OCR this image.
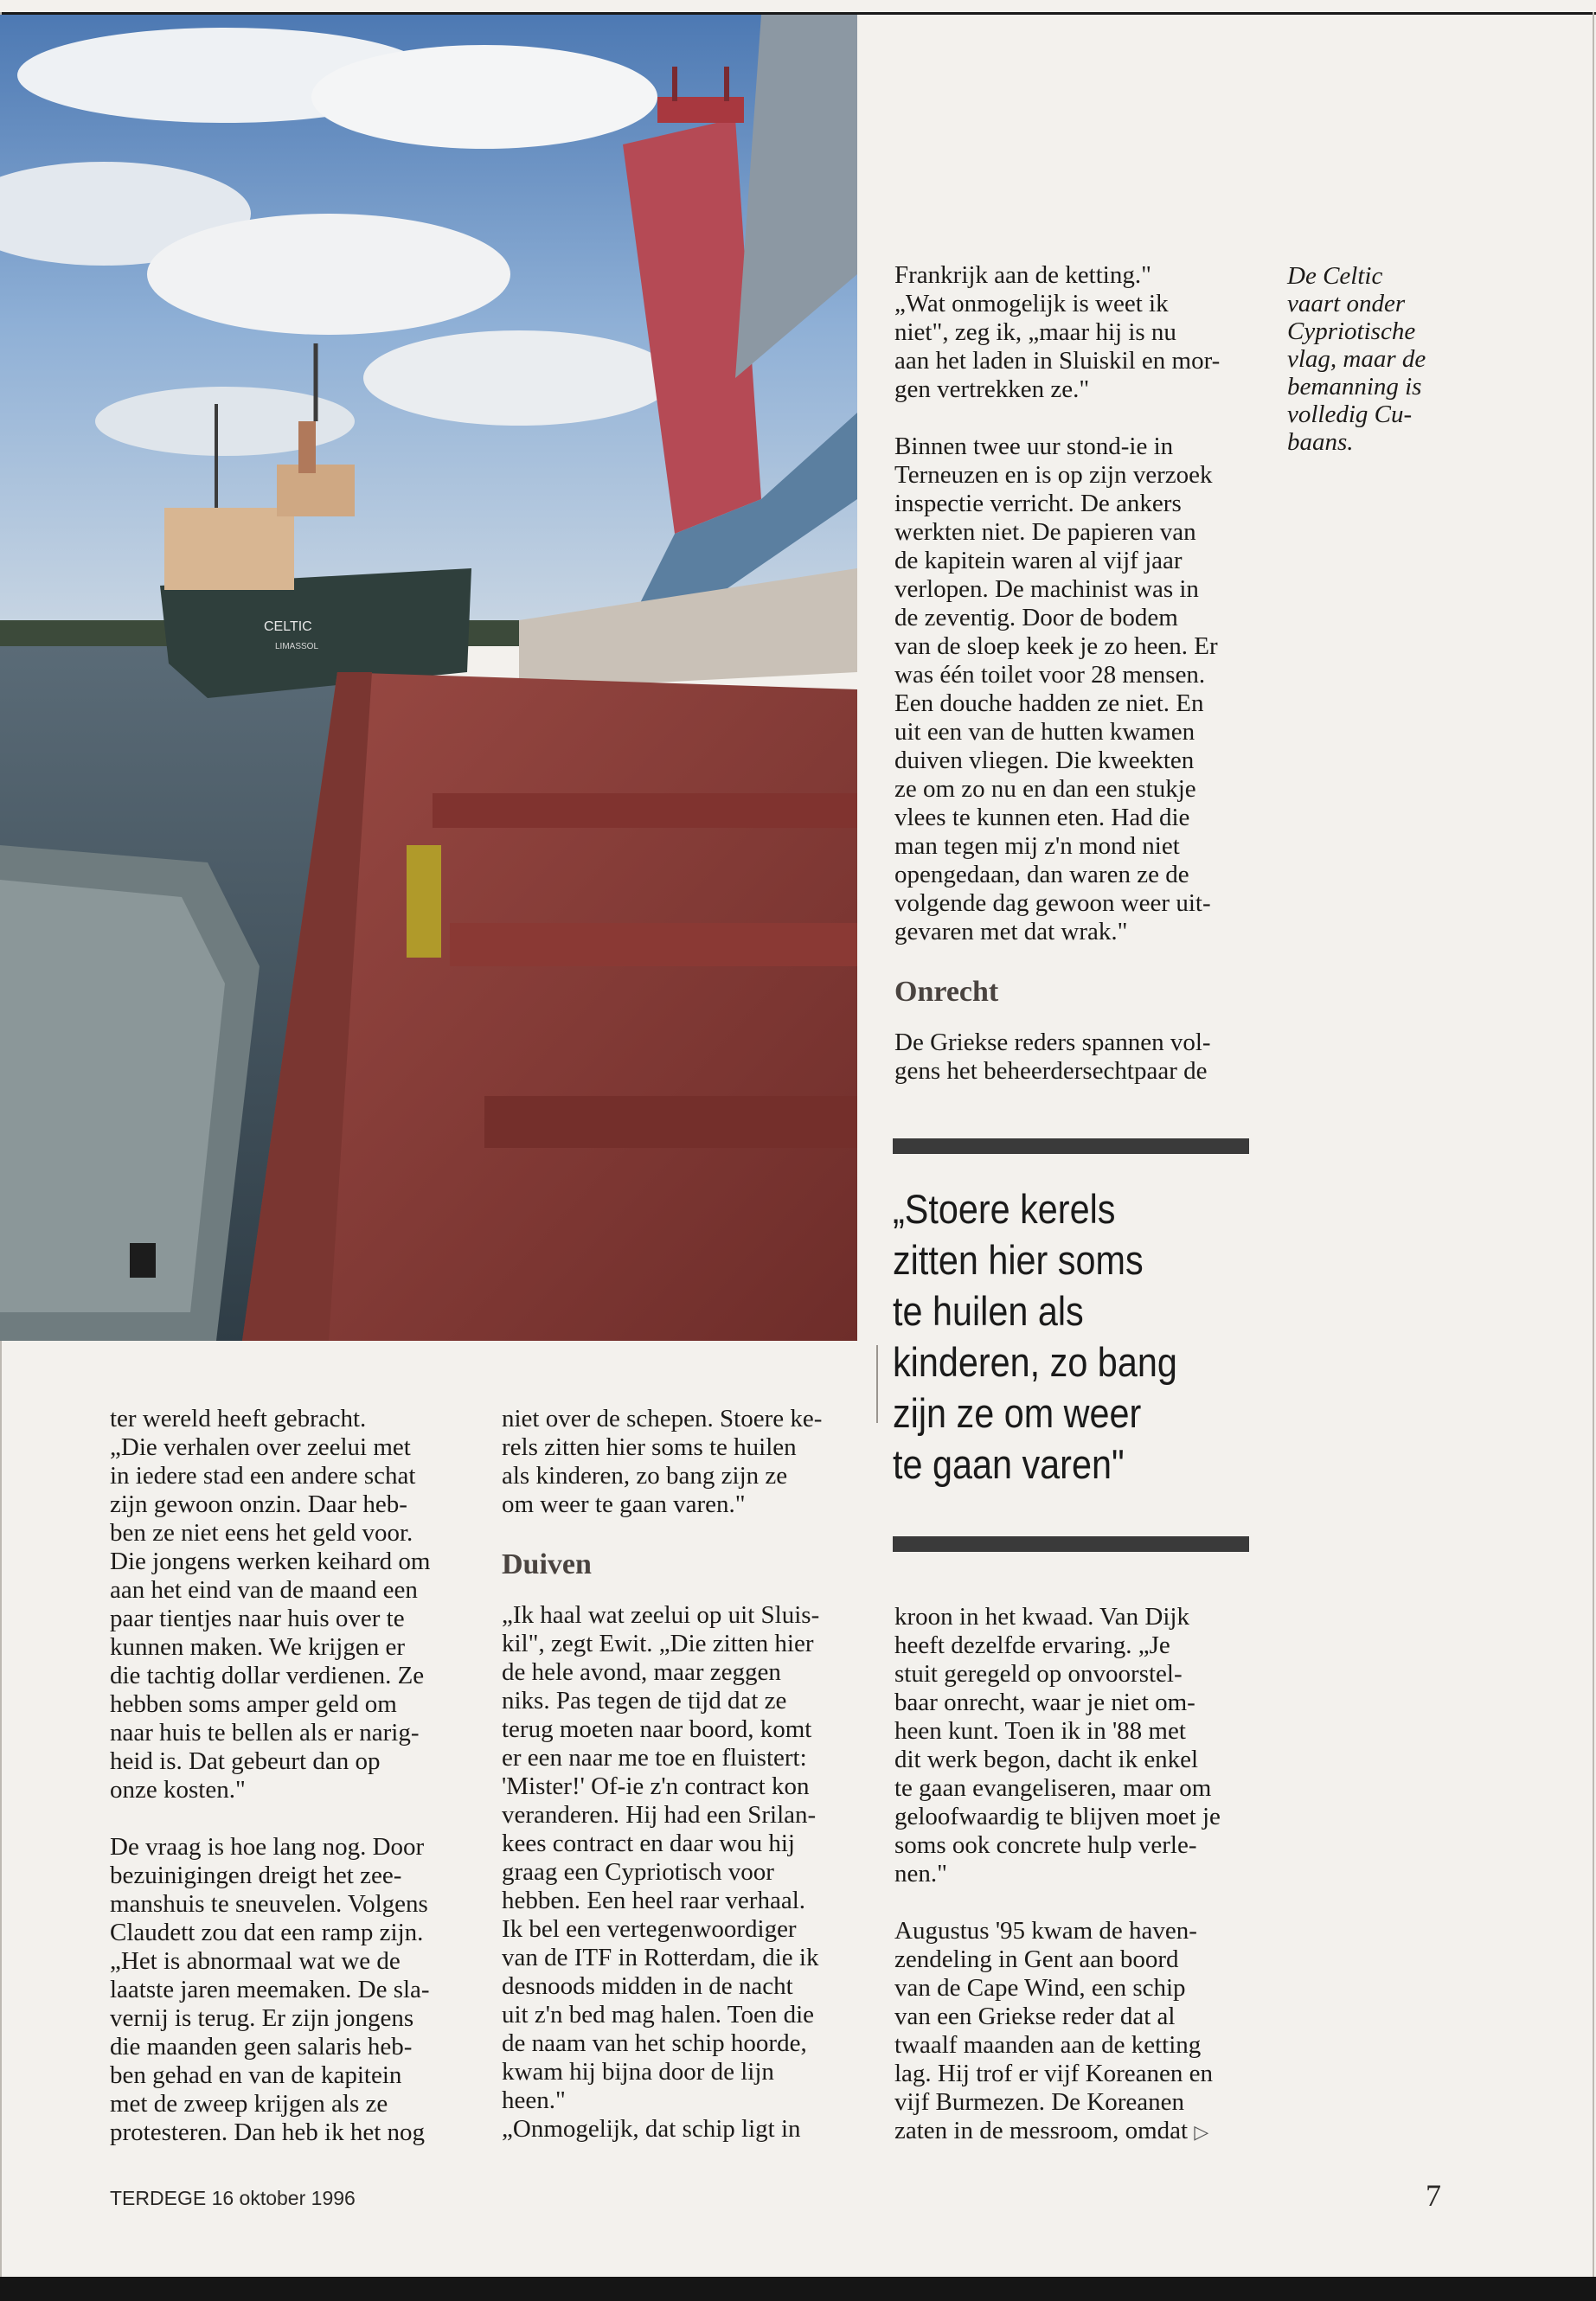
CELTIC
LIMASSOL

Frankrijk aan de ketting."
„Wat onmogelijk is weet ik
niet", zeg ik, „maar hij is nu
aan het laden in Sluiskil en mor-
gen vertrekken ze."

Binnen twee uur stond-ie in
Terneuzen en is op zijn verzoek
inspectie verricht. De ankers
werkten niet. De papieren van
de kapitein waren al vijf jaar
verlopen. De machinist was in
de zeventig. Door de bodem
van de sloep keek je zo heen. Er
was één toilet voor 28 mensen.
Een douche hadden ze niet. En
uit een van de hutten kwamen
duiven vliegen. Die kweekten
ze om zo nu en dan een stukje
vlees te kunnen eten. Had die
man tegen mij z'n mond niet
opengedaan, dan waren ze de
volgende dag gewoon weer uit-
gevaren met dat wrak."

Onrecht

De Griekse reders spannen vol-
gens het beheerdersechtpaar de

De Celtic
vaart onder
Cypriotische
vlag, maar de
bemanning is
volledig Cu-
baans.
„Stoere kerels
zitten hier soms
te huilen als
kinderen, zo bang
zijn ze om weer
te gaan varen"

ter wereld heeft gebracht.
„Die verhalen over zeelui met
in iedere stad een andere schat
zijn gewoon onzin. Daar heb-
ben ze niet eens het geld voor.
Die jongens werken keihard om
aan het eind van de maand een
paar tientjes naar huis over te
kunnen maken. We krijgen er
die tachtig dollar verdienen. Ze
hebben soms amper geld om
naar huis te bellen als er narig-
heid is. Dat gebeurt dan op
onze kosten."

De vraag is hoe lang nog. Door
bezuinigingen dreigt het zee-
manshuis te sneuvelen. Volgens
Claudett zou dat een ramp zijn.
„Het is abnormaal wat we de
laatste jaren meemaken. De sla-
vernij is terug. Er zijn jongens
die maanden geen salaris heb-
ben gehad en van de kapitein
met de zweep krijgen als ze
protesteren. Dan heb ik het nog

niet over de schepen. Stoere ke-
rels zitten hier soms te huilen
als kinderen, zo bang zijn ze
om weer te gaan varen."

Duiven

„Ik haal wat zeelui op uit Sluis-
kil", zegt Ewit. „Die zitten hier
de hele avond, maar zeggen
niks. Pas tegen de tijd dat ze
terug moeten naar boord, komt
er een naar me toe en fluistert:
'Mister!' Of-ie z'n contract kon
veranderen. Hij had een Srilan-
kees contract en daar wou hij
graag een Cypriotisch voor
hebben. Een heel raar verhaal.
Ik bel een vertegenwoordiger
van de ITF in Rotterdam, die ik
desnoods midden in de nacht
uit z'n bed mag halen. Toen die
de naam van het schip hoorde,
kwam hij bijna door de lijn
heen."
„Onmogelijk, dat schip ligt in

kroon in het kwaad. Van Dijk
heeft dezelfde ervaring. „Je
stuit geregeld op onvoorstel-
baar onrecht, waar je niet om-
heen kunt. Toen ik in '88 met
dit werk begon, dacht ik enkel
te gaan evangeliseren, maar om
geloofwaardig te blijven moet je
soms ook concrete hulp verle-
nen."

Augustus '95 kwam de haven-
zendeling in Gent aan boord
van de Cape Wind, een schip
van een Griekse reder dat al
twaalf maanden aan de ketting
lag. Hij trof er vijf Koreanen en
vijf Burmezen. De Koreanen
zaten in de messroom, omdat ▷

TERDEGE 16 oktober 1996	7
